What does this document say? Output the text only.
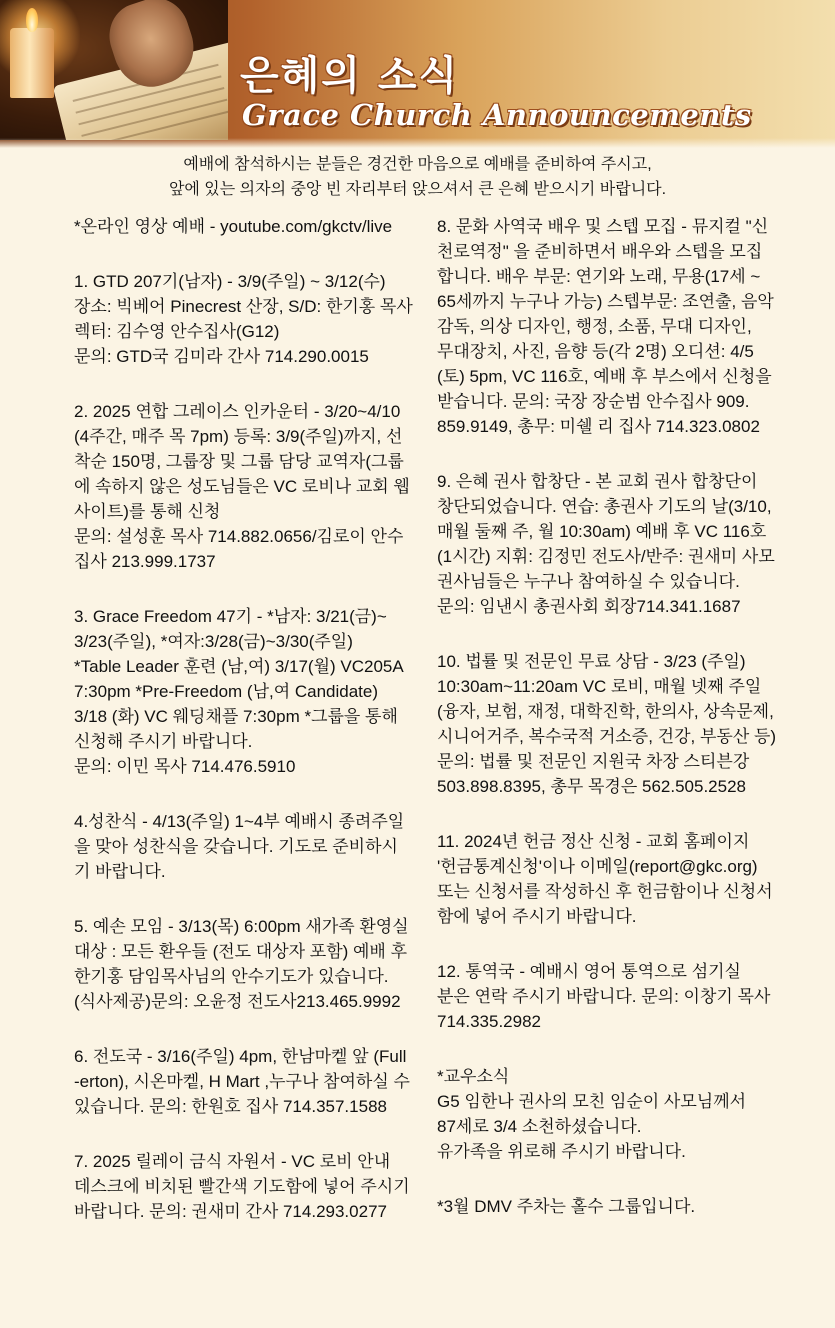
은혜의 소식
Grace Church Announcements
예배에 참석하시는 분들은 경건한 마음으로 예배를 준비하여 주시고,
앞에 있는 의자의 중앙 빈 자리부터 앉으셔서 큰 은혜 받으시기 바랍니다.
*온라인 영상 예배 - youtube.com/gkctv/live
1. GTD 207기(남자) - 3/9(주일) ~ 3/12(수)
장소: 빅베어 Pinecrest 산장, S/D: 한기홍 목사
렉터: 김수영 안수집사(G12)
문의: GTD국 김미라 간사 714.290.0015
2. 2025 연합 그레이스 인카운터 - 3/20~4/10
(4주간, 매주 목 7pm) 등록: 3/9(주일)까지, 선
착순 150명, 그룹장 및 그룹 담당 교역자(그룹
에 속하지 않은 성도님들은 VC 로비나 교회 웹
사이트)를 통해 신청
문의: 설성훈 목사 714.882.0656/김로이 안수
집사 213.999.1737
3. Grace Freedom 47기 - *남자: 3/21(금)~
3/23(주일), *여자:3/28(금)~3/30(주일)
*Table Leader 훈련 (남,여) 3/17(월) VC205A
7:30pm *Pre-Freedom (남,여 Candidate)
3/18 (화) VC 웨딩채플 7:30pm *그룹을 통해
신청해 주시기 바랍니다.
문의: 이민 목사 714.476.5910
4.성찬식 - 4/13(주일) 1~4부 예배시 종려주일
을 맞아 성찬식을 갖습니다. 기도로 준비하시
기 바랍니다.
5. 예손 모임 - 3/13(목) 6:00pm 새가족 환영실
대상 : 모든 환우들 (전도 대상자 포함) 예배 후
한기홍 담임목사님의 안수기도가 있습니다.
(식사제공)문의: 오윤정 전도사213.465.9992
6. 전도국 - 3/16(주일) 4pm, 한남마켙 앞 (Full
-erton), 시온마켙, H Mart ,누구나 참여하실 수
있습니다. 문의: 한원호 집사 714.357.1588
7. 2025 릴레이 금식 자원서 - VC 로비 안내
데스크에 비치된 빨간색 기도함에 넣어 주시기
바랍니다. 문의: 권새미 간사 714.293.0277
8. 문화 사역국 배우 및 스텝 모집 - 뮤지컬 "신
천로역정" 을 준비하면서 배우와 스텝을 모집
합니다. 배우 부문: 연기와 노래, 무용(17세 ~
65세까지 누구나 가능) 스텝부문: 조연출, 음악
감독, 의상 디자인, 행정, 소품, 무대 디자인,
무대장치, 사진, 음향 등(각 2명) 오디션: 4/5
(토) 5pm, VC 116호, 예배 후 부스에서 신청을
받습니다. 문의: 국장 장순범 안수집사 909.
859.9149, 총무: 미쉘 리 집사 714.323.0802
9. 은혜 권사 합창단 - 본 교회 권사 합창단이
창단되었습니다. 연습: 총권사 기도의 날(3/10,
매월 둘째 주, 월 10:30am) 예배 후 VC 116호
(1시간) 지휘: 김정민 전도사/반주: 권새미 사모
권사님들은 누구나 참여하실 수 있습니다.
문의: 임낸시 총권사회 회장714.341.1687
10. 법률 및 전문인 무료 상담 - 3/23 (주일)
10:30am~11:20am VC 로비, 매월 넷째 주일
(융자, 보험, 재정, 대학진학, 한의사, 상속문제,
시니어거주, 복수국적 거소증, 건강, 부동산 등)
문의: 법률 및 전문인 지원국 차장 스티븐강
503.898.8395, 총무 목경은 562.505.2528
11. 2024년 헌금 정산 신청 - 교회 홈페이지
'헌금통계신청'이나 이메일(report@gkc.org)
또는 신청서를 작성하신 후 헌금함이나 신청서
함에 넣어 주시기 바랍니다.
12. 통역국 - 예배시 영어 통역으로 섬기실
분은 연락 주시기 바랍니다. 문의: 이창기 목사
714.335.2982
*교우소식
G5 임한나 권사의 모친 임순이 사모님께서
87세로 3/4 소천하셨습니다.
유가족을 위로해 주시기 바랍니다.
*3월 DMV 주차는 홀수 그룹입니다.
